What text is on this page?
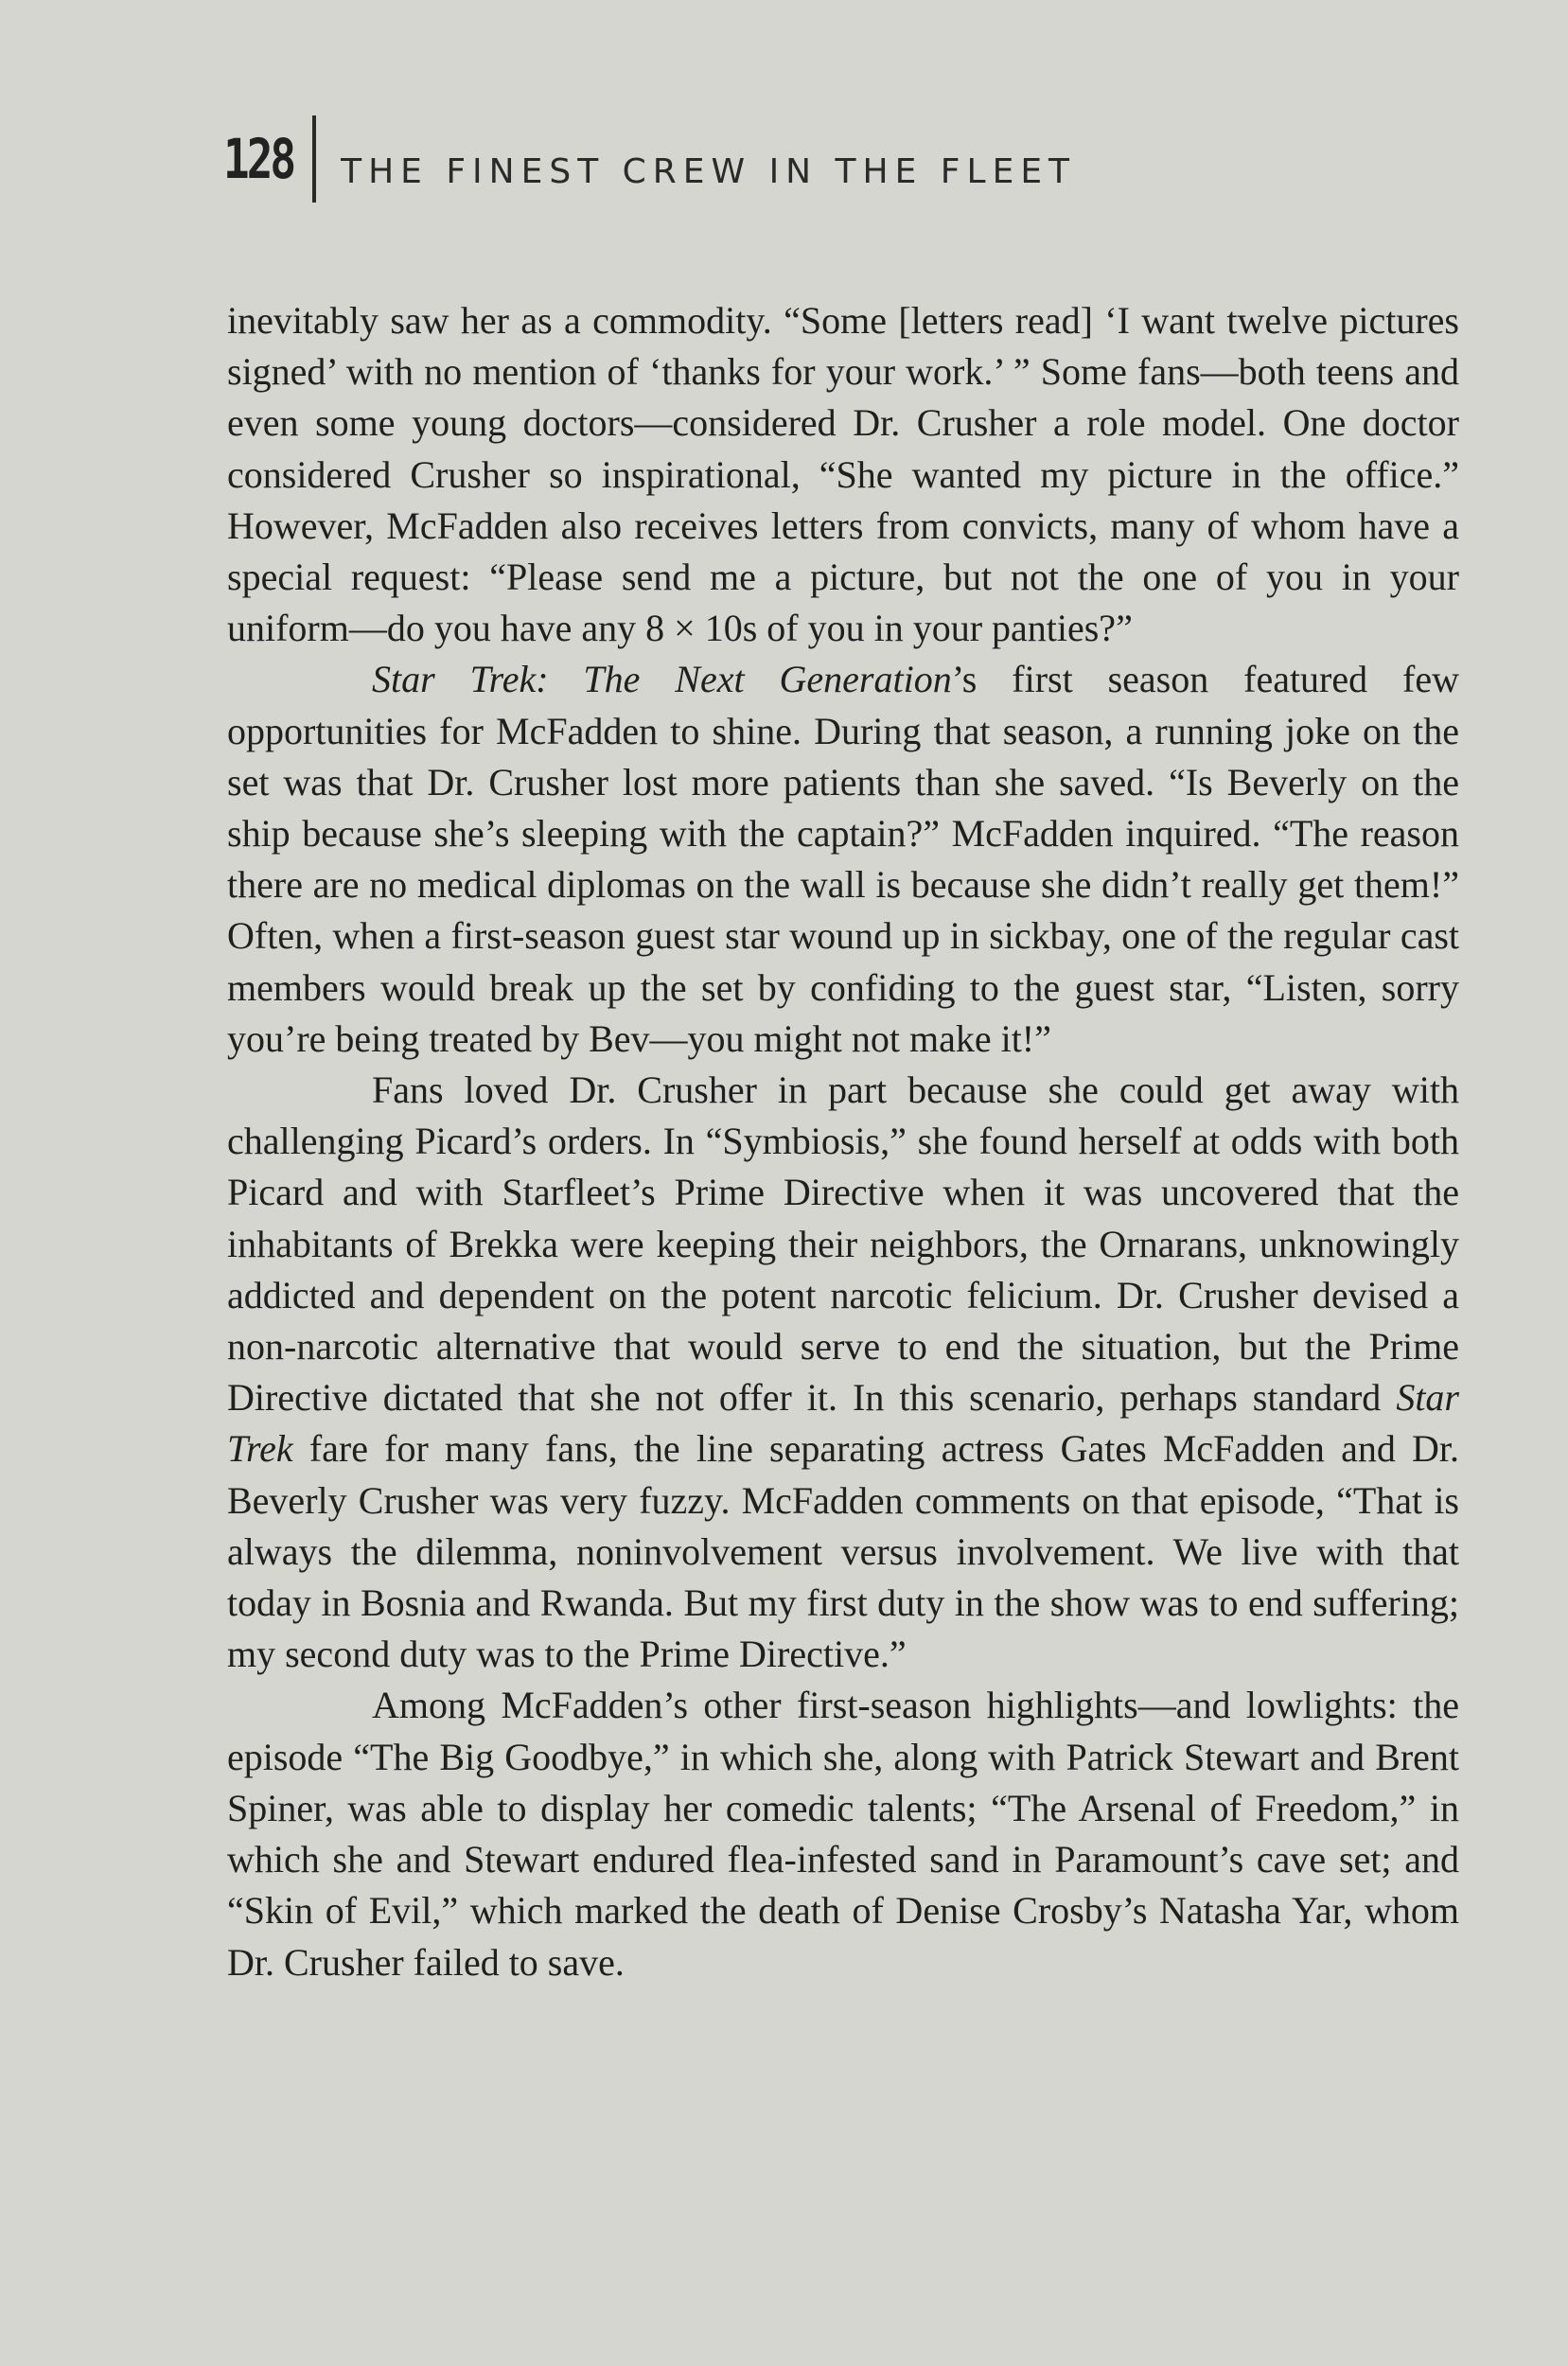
128 THE FINEST CREW IN THE FLEET

inevitably saw her as a commodity. “Some [letters read] ‘I want twelve pictures signed’ with no mention of ‘thanks for your work.’ ” Some fans—both teens and even some young doctors—considered Dr. Crusher a role model. One doctor considered Crusher so inspirational, “She wanted my picture in the office.” However, McFadden also receives letters from convicts, many of whom have a special request: “Please send me a picture, but not the one of you in your uniform—do you have any 8 × 10s of you in your panties?”

Star Trek: The Next Generation’s first season featured few opportunities for McFadden to shine. During that season, a running joke on the set was that Dr. Crusher lost more patients than she saved. “Is Beverly on the ship because she’s sleeping with the captain?” McFadden inquired. “The reason there are no medical diplomas on the wall is because she didn’t really get them!” Often, when a first-season guest star wound up in sickbay, one of the regular cast members would break up the set by confiding to the guest star, “Listen, sorry you’re being treated by Bev—you might not make it!”

Fans loved Dr. Crusher in part because she could get away with challenging Picard’s orders. In “Symbiosis,” she found herself at odds with both Picard and with Starfleet’s Prime Directive when it was uncovered that the inhabitants of Brekka were keeping their neighbors, the Ornarans, unknowingly addicted and dependent on the potent narcotic felicium. Dr. Crusher devised a non-narcotic alternative that would serve to end the situation, but the Prime Directive dictated that she not offer it. In this scenario, perhaps standard Star Trek fare for many fans, the line separating actress Gates McFadden and Dr. Beverly Crusher was very fuzzy. McFadden comments on that episode, “That is always the dilemma, noninvolvement versus involvement. We live with that today in Bosnia and Rwanda. But my first duty in the show was to end suffering; my second duty was to the Prime Directive.”

Among McFadden’s other first-season highlights—and lowlights: the episode “The Big Goodbye,” in which she, along with Patrick Stewart and Brent Spiner, was able to display her comedic talents; “The Arsenal of Freedom,” in which she and Stewart endured flea-infested sand in Paramount’s cave set; and “Skin of Evil,” which marked the death of Denise Crosby’s Natasha Yar, whom Dr. Crusher failed to save.
